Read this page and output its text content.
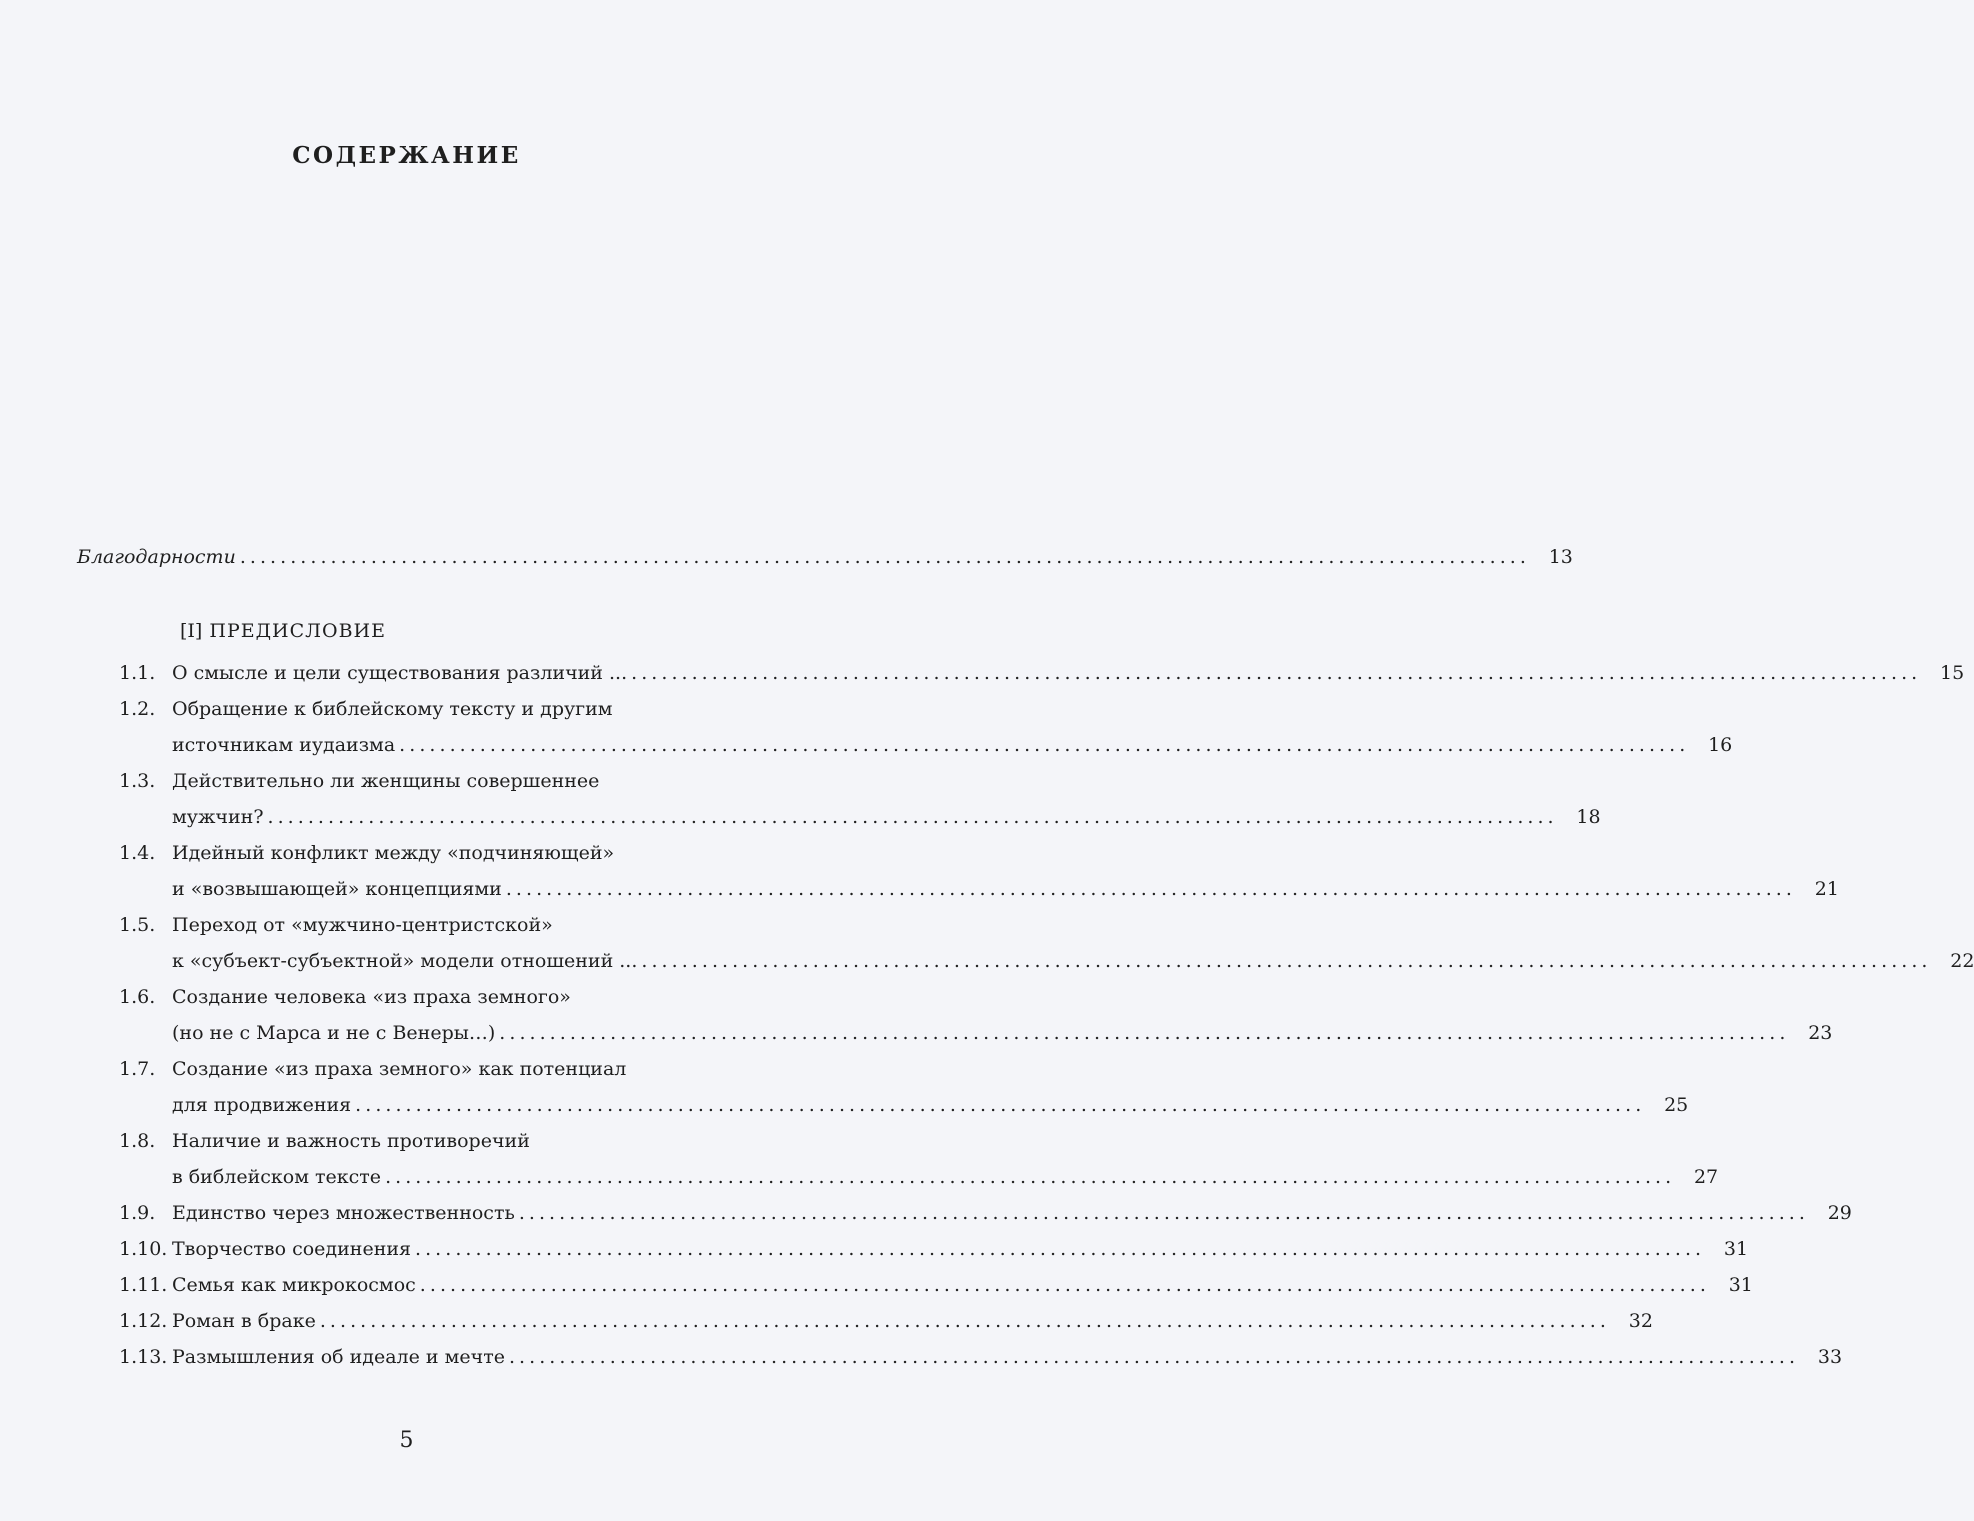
СОДЕРЖАНИЕ
Благодарности . . .	13
[I] ПРЕДИСЛОВИЕ
1.1. О смысле и цели существования различий ... . . .	15
1.2. Обращение к библейскому тексту и другим
источникам иудаизма . . .	16
1.3. Действительно ли женщины совершеннее
мужчин? . . .	18
1.4. Идейный конфликт между «подчиняющей»
и «возвышающей» концепциями . . .	21
1.5. Переход от «мужчино-центристской»
к «субъект-субъектной» модели отношений ... . . .	22
1.6. Создание человека «из праха земного»
(но не с Марса и не с Венеры…) . . .	23
1.7. Создание «из праха земного» как потенциал
для продвижения . . .	25
1.8. Наличие и важность противоречий
в библейском тексте . . .	27
1.9. Единство через множественность . . .	29
1.10. Творчество соединения . . .	31
1.11. Семья как микрокосмос . . .	31
1.12. Роман в браке . . .	32
1.13. Размышления об идеале и мечте . . .	33
5
